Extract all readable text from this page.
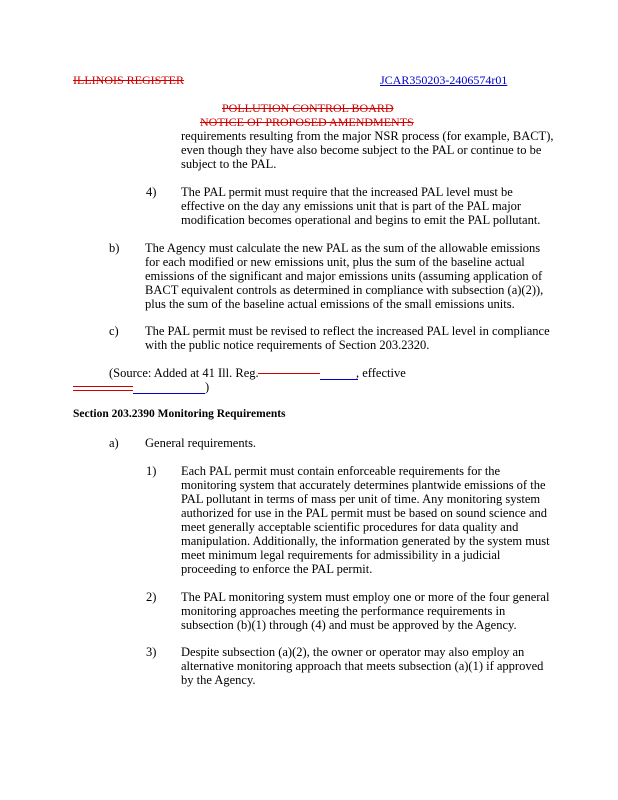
ILLINOIS REGISTER	JCAR350203-2406574r01
POLLUTION CONTROL BOARD
NOTICE OF PROPOSED AMENDMENTS
requirements resulting from the major NSR process (for example, BACT),
even though they have also become subject to the PAL or continue to be
subject to the PAL.
4) The PAL permit must require that the increased PAL level must be
effective on the day any emissions unit that is part of the PAL major
modification becomes operational and begins to emit the PAL pollutant.
b) The Agency must calculate the new PAL as the sum of the allowable emissions
for each modified or new emissions unit, plus the sum of the baseline actual
emissions of the significant and major emissions units (assuming application of
BACT equivalent controls as determined in compliance with subsection (a)(2)),
plus the sum of the baseline actual emissions of the small emissions units.
c) The PAL permit must be revised to reflect the increased PAL level in compliance
with the public notice requirements of Section 203.2320.
(Source: Added at 41 Ill. Reg.	, effective
)
Section 203.2390 Monitoring Requirements
a) General requirements.
1) Each PAL permit must contain enforceable requirements for the
monitoring system that accurately determines plantwide emissions of the
PAL pollutant in terms of mass per unit of time. Any monitoring system
authorized for use in the PAL permit must be based on sound science and
meet generally acceptable scientific procedures for data quality and
manipulation. Additionally, the information generated by the system must
meet minimum legal requirements for admissibility in a judicial
proceeding to enforce the PAL permit.
2) The PAL monitoring system must employ one or more of the four general
monitoring approaches meeting the performance requirements in
subsection (b)(1) through (4) and must be approved by the Agency.
3) Despite subsection (a)(2), the owner or operator may also employ an
alternative monitoring approach that meets subsection (a)(1) if approved
by the Agency.
